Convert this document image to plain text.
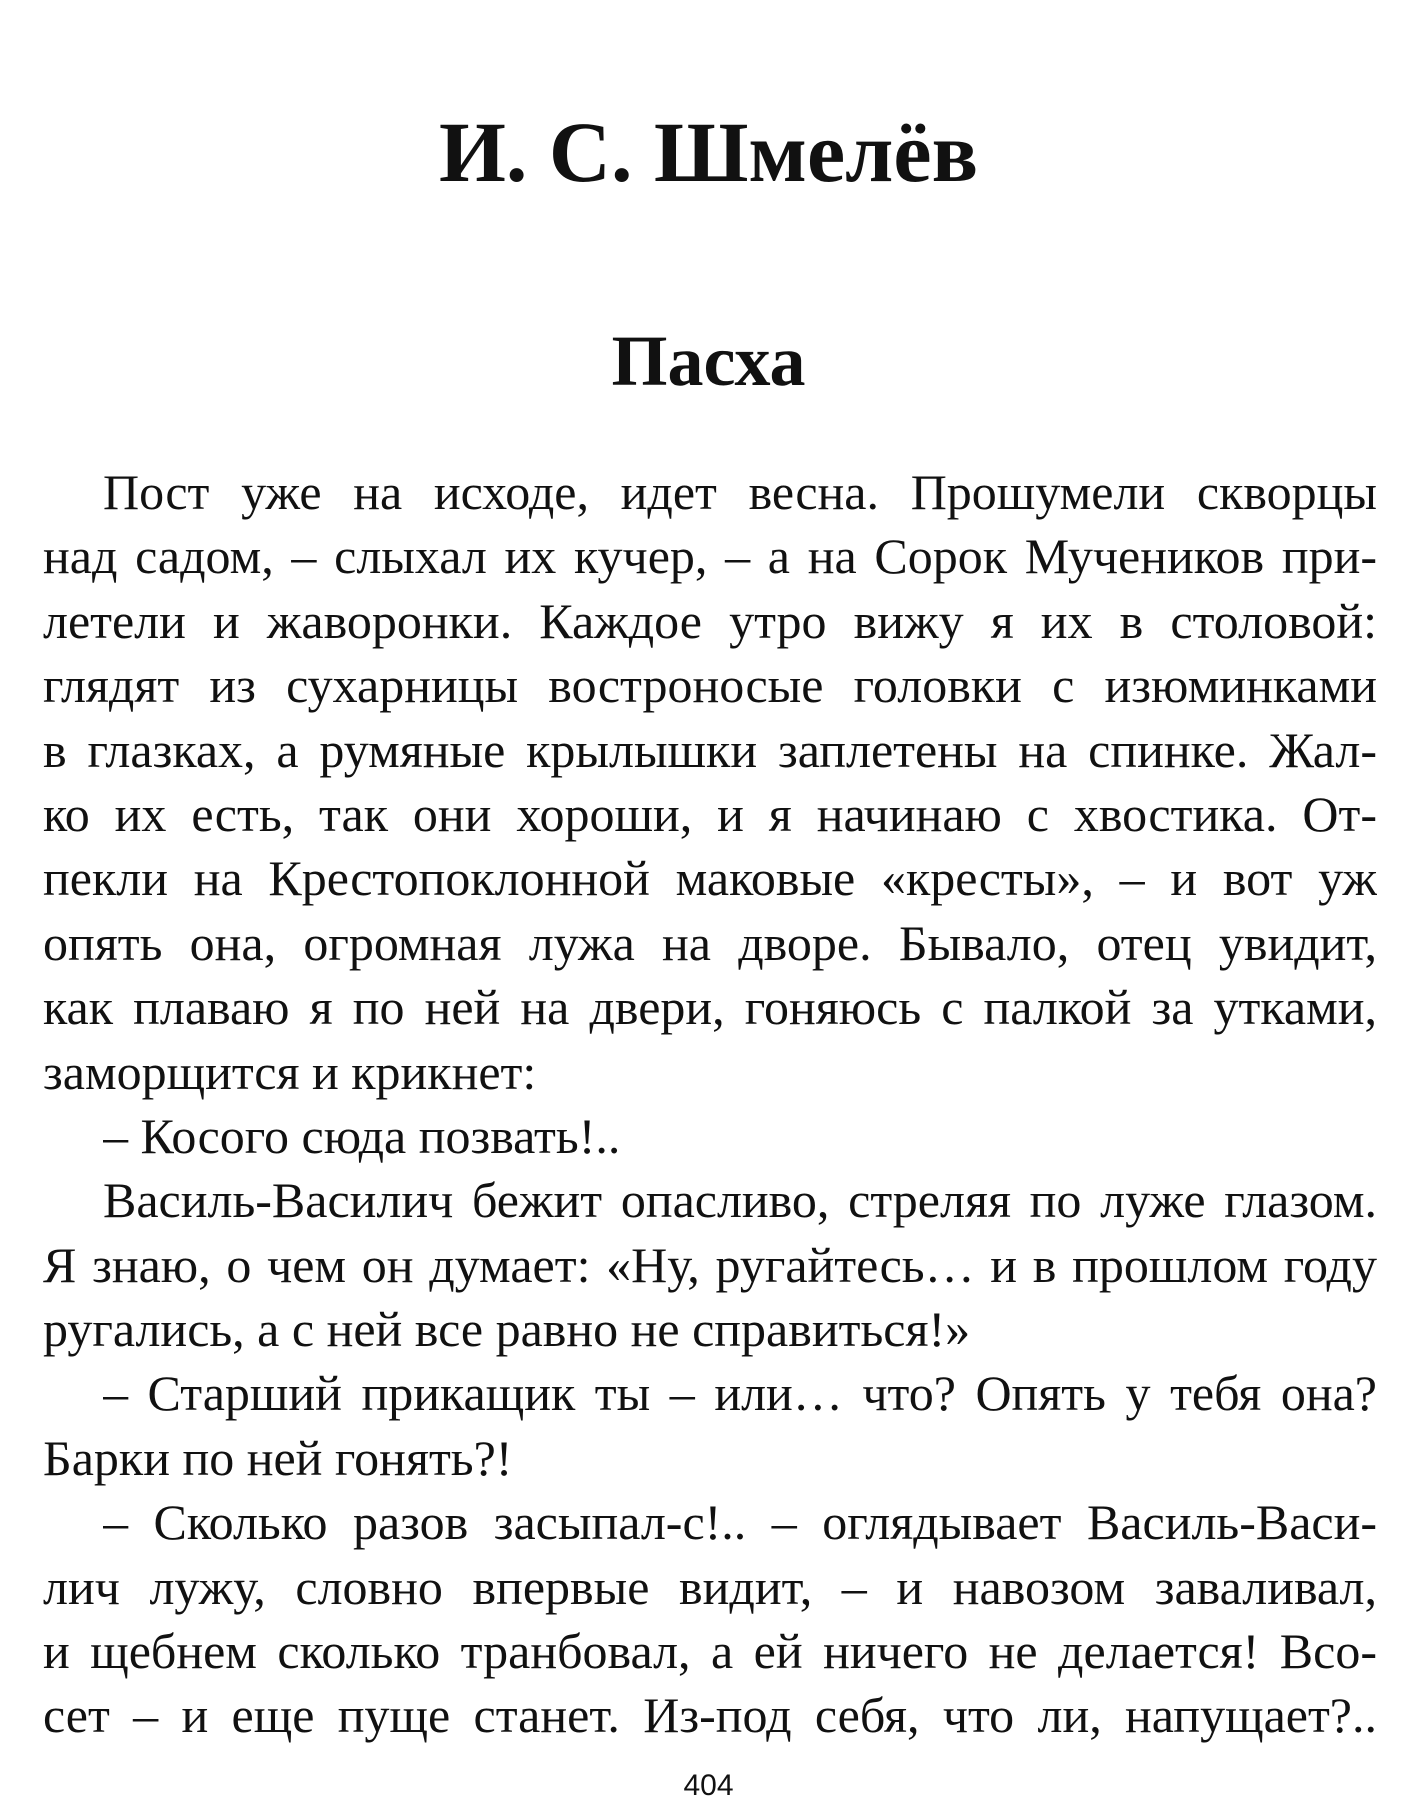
И. С. Шмелёв
Пасха
Пост уже на исходе, идет весна. Прошумели скворцы
над садом, – слыхал их кучер, – а на Сорок Мучеников при-
летели и жаворонки. Каждое утро вижу я их в столовой:
глядят из сухарницы востроносые головки с изюминками
в глазках, а румяные крылышки заплетены на спинке. Жал-
ко их есть, так они хороши, и я начинаю с хвостика. От-
пекли на Крестопоклонной маковые «кресты», – и вот уж
опять она, огромная лужа на дворе. Бывало, отец увидит,
как плаваю я по ней на двери, гоняюсь с палкой за утками,
заморщится и крикнет:
– Косого сюда позвать!..
Василь-Василич бежит опасливо, стреляя по луже глазом.
Я знаю, о чем он думает: «Ну, ругайтесь… и в прошлом году
ругались, а с ней все равно не справиться!»
– Старший прикащик ты – или… что? Опять у тебя она?
Барки по ней гонять?!
– Сколько разов засыпал-с!.. – оглядывает Василь-Васи-
лич лужу, словно впервые видит, – и навозом заваливал,
и щебнем сколько транбовал, а ей ничего не делается! Всо-
сет – и еще пуще станет. Из-под себя, что ли, напущает?..
404
